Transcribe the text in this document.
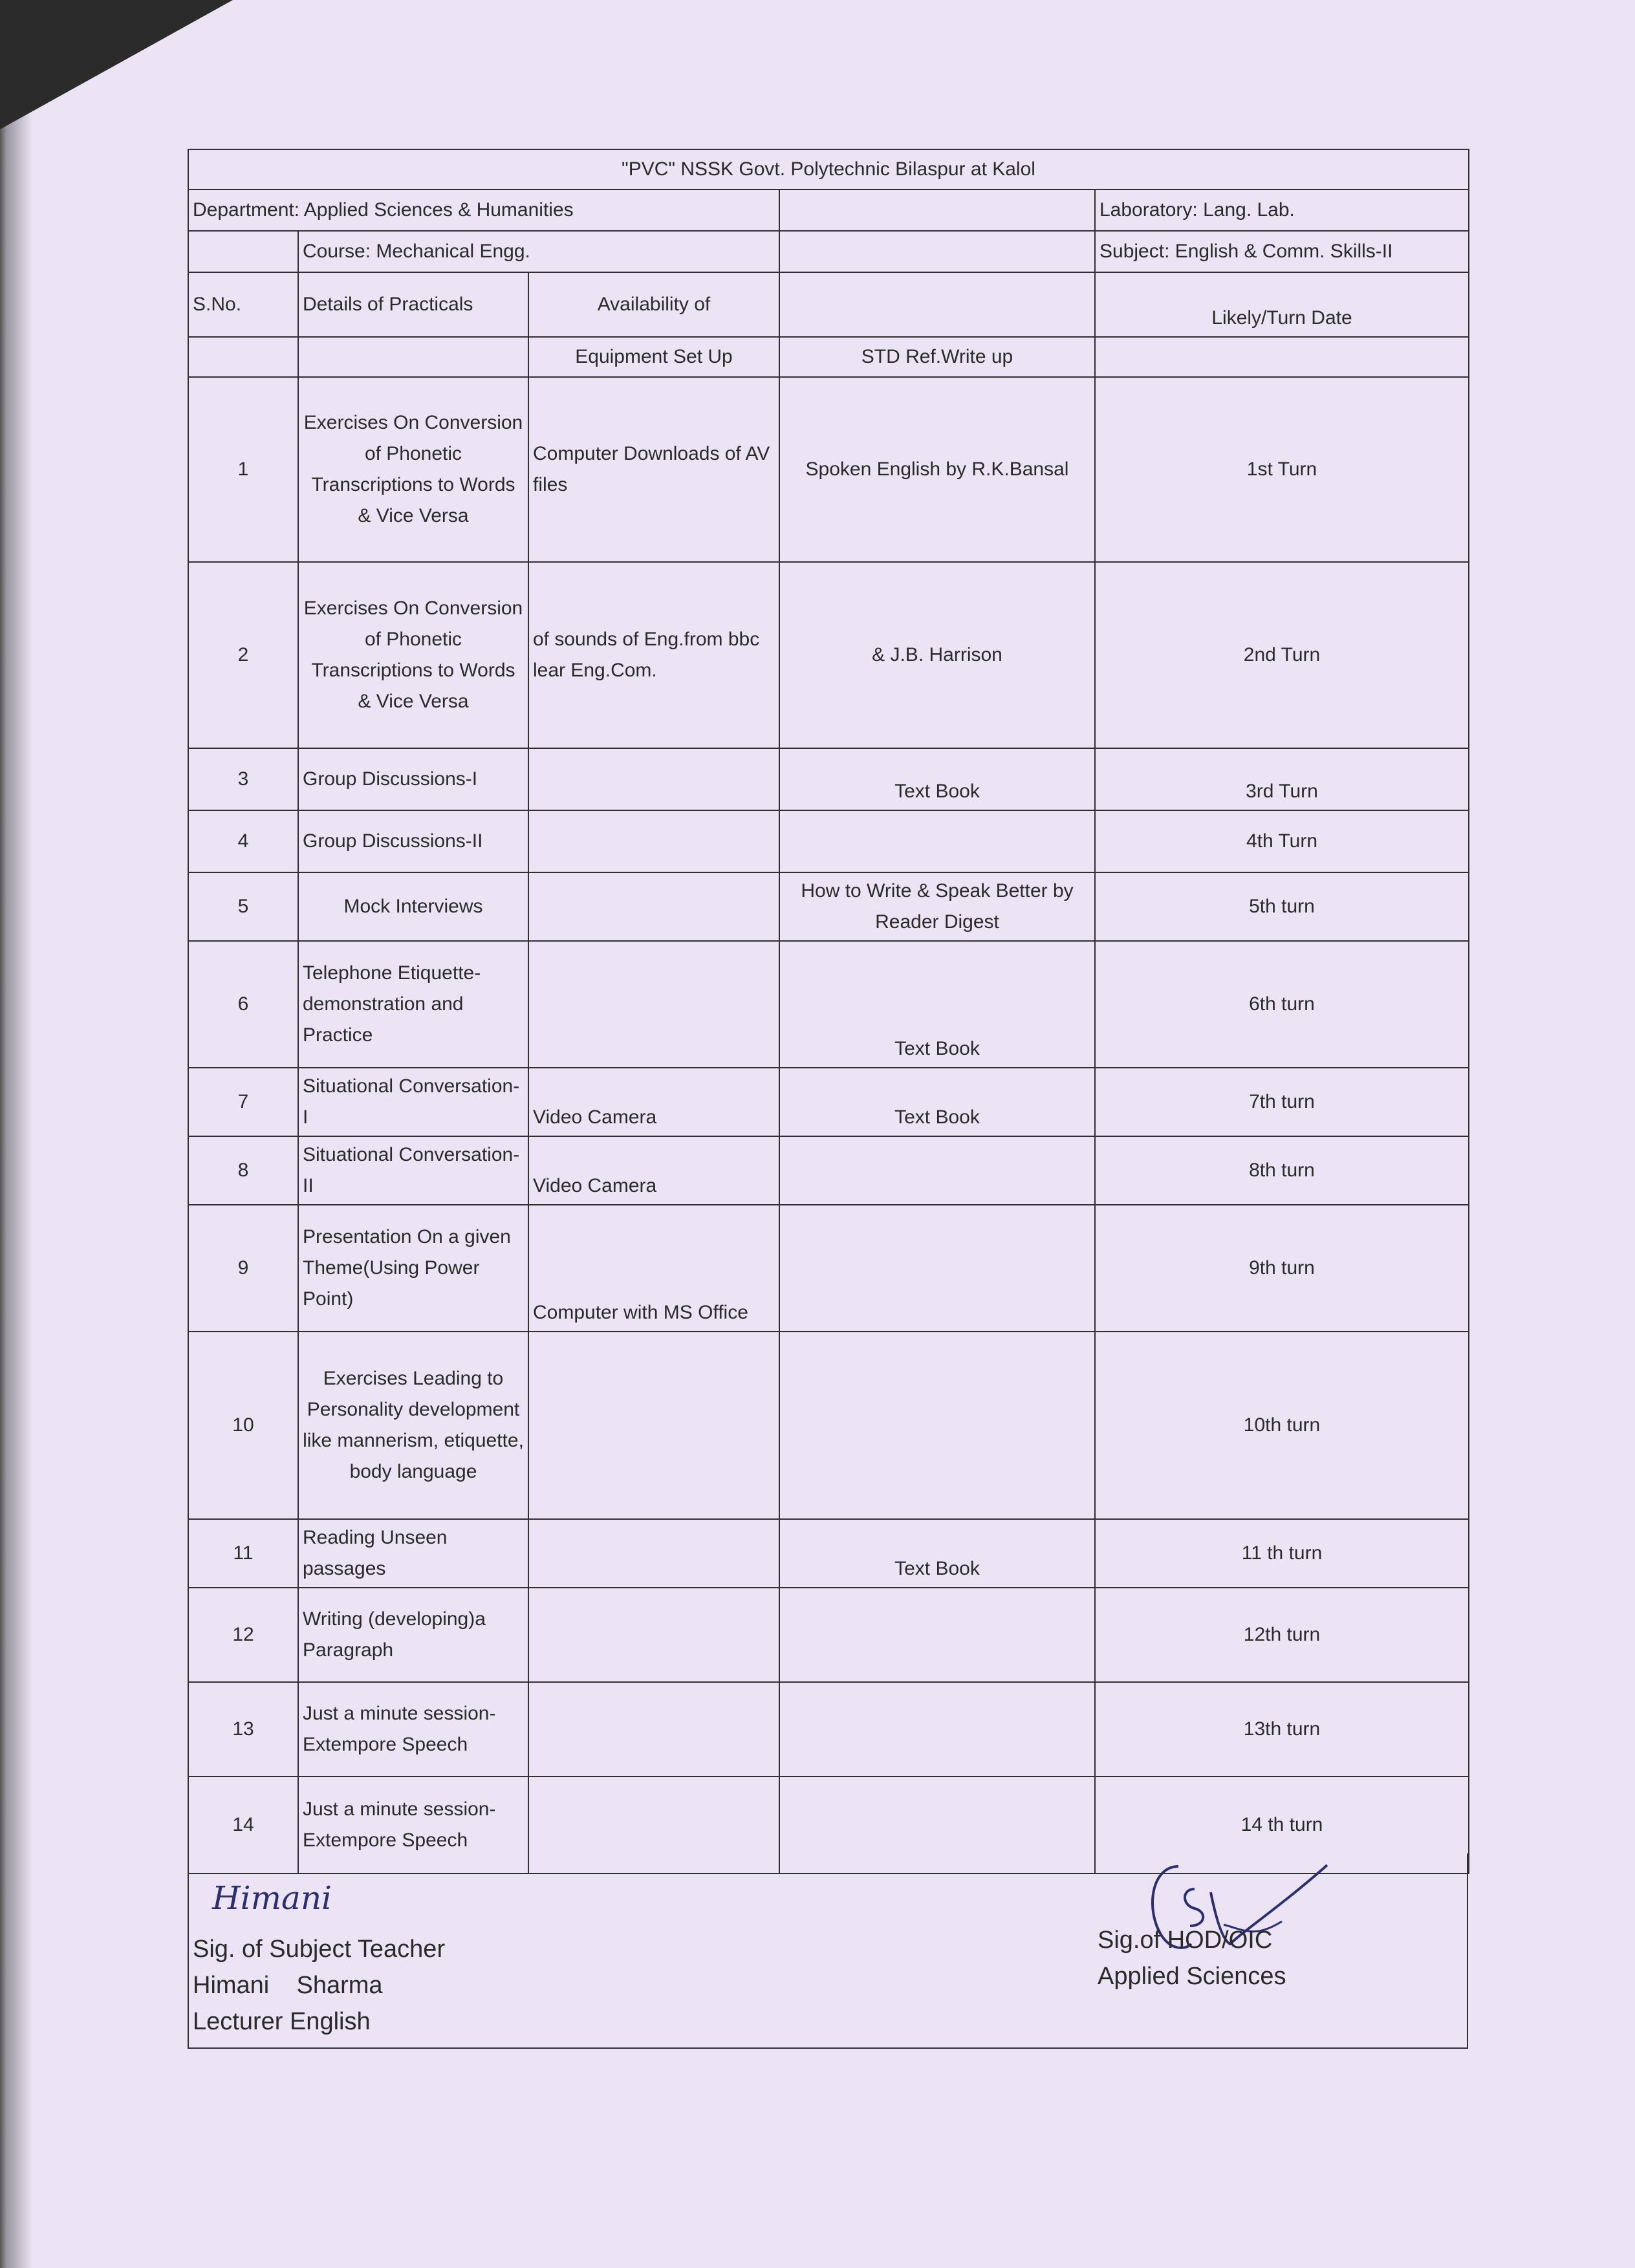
"PVC" NSSK Govt. Polytechnic Bilaspur at Kalol				
Department: Applied Sciences & Humanities				Laboratory: Lang. Lab.
	Course: Mechanical Engg.			Subject: English & Comm. Skills-II
S.No.	Details of Practicals	Availability of		Likely/Turn Date
		Equipment Set Up	STD Ref.Write up	
1	Exercises On Conversion of Phonetic Transcriptions to Words & Vice Versa	Computer Downloads of AV files	Spoken English by R.K.Bansal	1st Turn
2	Exercises On Conversion of Phonetic Transcriptions to Words & Vice Versa	of sounds of Eng.from bbc lear Eng.Com.	& J.B. Harrison	2nd Turn
3	Group Discussions-I		Text Book	3rd Turn
4	Group Discussions-II			4th Turn
5	Mock Interviews		How to Write & Speak Better by Reader Digest	5th turn
6	Telephone Etiquette-demonstration and Practice		Text Book	6th turn
7	Situational Conversation-I	Video Camera	Text Book	7th turn
8	Situational Conversation-II	Video Camera		8th turn
9	Presentation On a given Theme(Using Power Point)	Computer with MS Office		9th turn
10	Exercises Leading to Personality development like mannerism, etiquette, body language			10th turn
11	Reading Unseen passages		Text Book	11 th turn
12	Writing (developing)a Paragraph			12th turn
13	Just a minute session-Extempore Speech			13th turn
14	Just a minute session-Extempore Speech			14 th turn
Himani
Sig. of Subject Teacher
Himani    Sharma
Lecturer English
Sig.of HOD/OIC
Applied Sciences
